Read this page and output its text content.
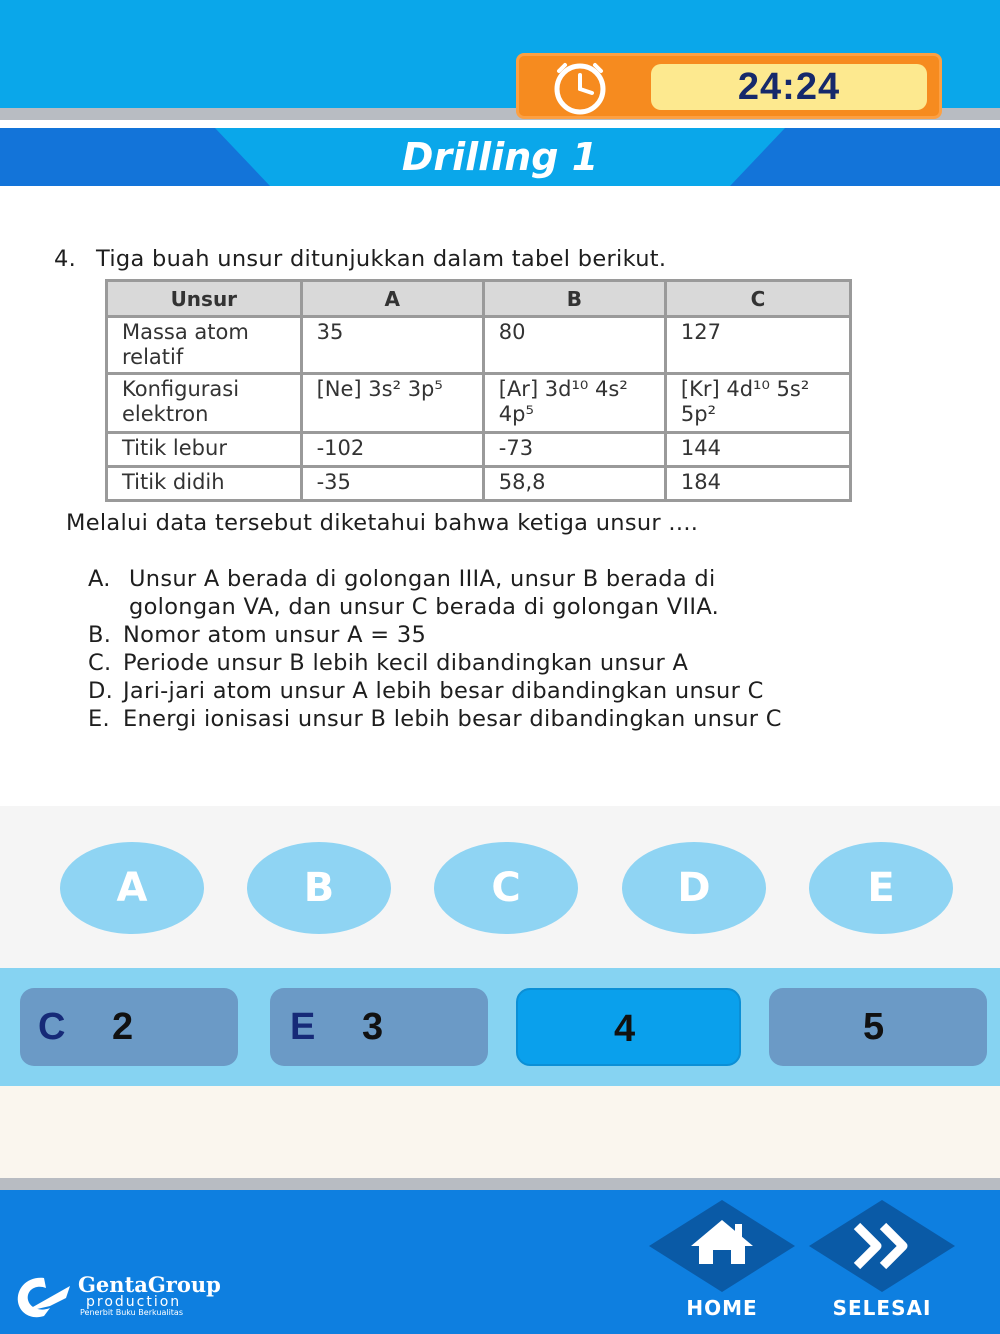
24:24
Drilling 1
4. Tiga buah unsur ditunjukkan dalam tabel berikut.
Melalui data tersebut diketahui bahwa ketiga unsur ....
Unsur	A	B	C
Massa atom relatif	35	80	127
Konfigurasi elektron	[Ne] 3s² 3p⁵	[Ar] 3d¹⁰ 4s² 4p⁵	[Kr] 4d¹⁰ 5s² 5p²
Titik lebur	-102	-73	144
Titik didih	-35	58,8	184
A. Unsur A berada di golongan IIIA, unsur B berada di
golongan VA, dan unsur C berada di golongan VIIA.
B. Nomor atom unsur A = 35
C. Periode unsur B lebih kecil dibandingkan unsur A
D. Jari-jari atom unsur A lebih besar dibandingkan unsur C
E. Energi ionisasi unsur B lebih besar dibandingkan unsur C
A	B	C	D	E
C 2	E 3	4	5
GentaGroup
production
Penerbit Buku Berkualitas	HOME	SELESAI
